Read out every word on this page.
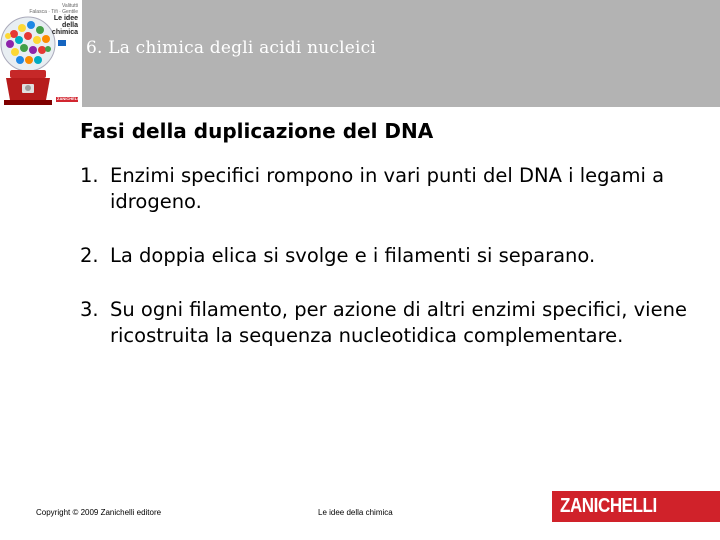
Valitutti
Falasca · Tifi · Gentile
Le idee
della
chimica
ZANICHELLI
6. La chimica degli acidi nucleici
Fasi della duplicazione del DNA
1. Enzimi specifici rompono in vari punti del DNA i legami a idrogeno.
2. La doppia elica si svolge e i filamenti si separano.
3. Su ogni filamento, per azione di altri enzimi specifici, viene ricostruita la sequenza nucleotidica complementare.
Copyright © 2009 Zanichelli editore	Le idee della chimica	ZANICHELLI
